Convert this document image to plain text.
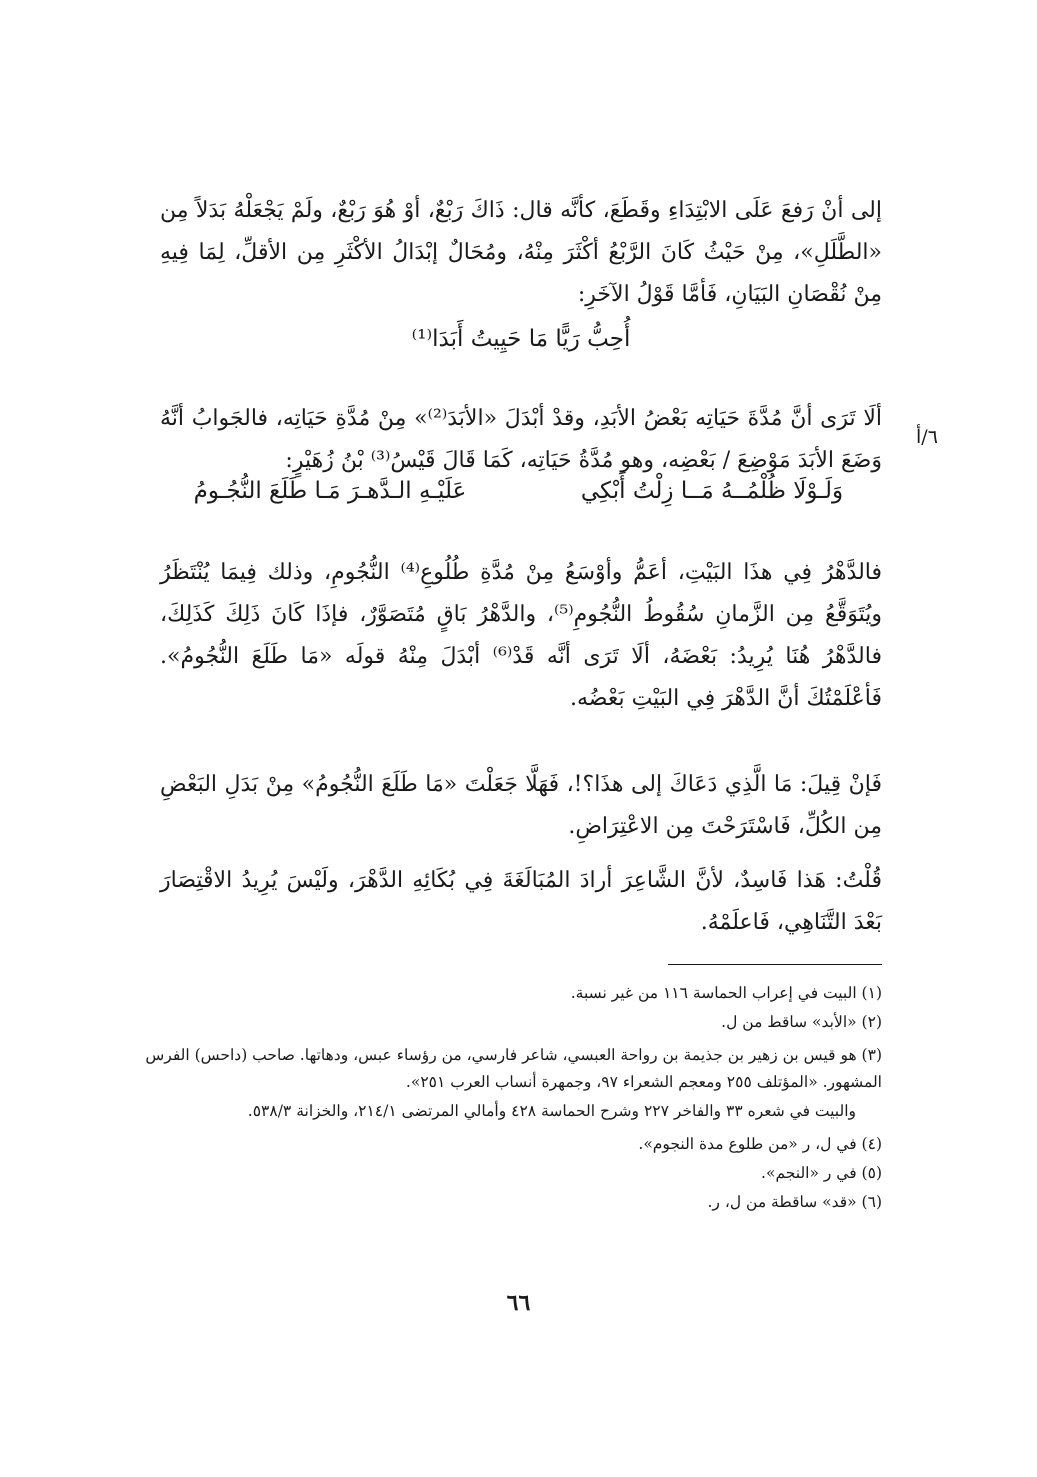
إلى أنْ رَفعَ عَلَى الابْتِدَاءِ وقَطَعَ، كأنَّه قال: ذَاكَ رَبْعٌ، أوْ هُوَ رَبْعٌ، ولَمْ يَجْعَلْهُ بَدَلاً مِن «الطَّلَلِ»، مِنْ حَيْثُ كَانَ الرَّبْعُ أكْثَرَ مِنْهُ، ومُحَالٌ إبْدَالُ الأكْثَرِ مِن الأقلِّ، لِمَا فِيهِ مِنْ نُقْصَانِ البَيَانِ، فَأمَّا قَوْلُ الآخَرِ:

أُحِبُّ رَيًّا مَا حَيِيتُ أَبَدَا⁽¹⁾

ألَا تَرَى أنَّ مُدَّةَ حَيَاتِه بَعْضُ الأبَدِ، وقدْ أبْدَلَ «الأبَدَ⁽²⁾» مِنْ مُدَّةِ حَيَاتِه، فالجَوابُ أنَّهُ وَضَعَ الأبَدَ مَوْضِعَ / بَعْضِه، وهو مُدَّةُ حَيَاتِه، كَمَا قَالَ قَيْسُ⁽³⁾ بْنُ زُهَيْرٍ:

٦/أ
وَلَـوْلَا ظُلْمُــهُ مَــا زِلْتُ أَبْكِي
عَلَيْـهِ الـدَّهـرَ مَـا طَلَعَ النُّجُـومُ

فالدَّهْرُ فِي هذَا البَيْتِ، أعَمُّ وأوْسَعُ مِنْ مُدَّةِ طُلُوعِ⁽⁴⁾ النُّجُومِ، وذلك فِيمَا يُنْتَظَرُ ويُتَوَقَّعُ مِن الزَّمانِ سُقُوطُ النُّجُومِ⁽⁵⁾، والدَّهْرُ بَاقٍ مُتَصَوَّرٌ، فإذَا كَانَ ذَلِكَ كَذَلِكَ، فالدَّهْرُ هُنَا يُرِيدُ: بَعْضَهُ، ألَا تَرَى أنَّه قَدْ⁽⁶⁾ أبْدَلَ مِنْهُ قولَه «مَا طَلَعَ النُّجُومُ». فَأعْلَمْتُكَ أنَّ الدَّهْرَ فِي البَيْتِ بَعْضُه.

فَإنْ قِيلَ: مَا الَّذِي دَعَاكَ إلى هذَا؟!، فَهَلَّا جَعَلْتَ «مَا طَلَعَ النُّجُومُ» مِنْ بَدَلِ البَعْضِ مِن الكُلِّ، فَاسْتَرَحْتَ مِن الاعْتِرَاضِ.

قُلْتُ: هَذا فَاسِدٌ، لأنَّ الشَّاعِرَ أرادَ المُبَالَغَةَ فِي بُكَائِهِ الدَّهْرَ، ولَيْسَ يُرِيدُ الاقْتِصَارَ بَعْدَ التَّنَاهِي، فَاعلَمْهُ.

(١) البيت في إعراب الحماسة ١١٦ من غير نسبة.
(٢) «الأبد» ساقط من ل.
(٣) هو قيس بن زهير بن جذيمة بن رواحة العبسي، شاعر فارسي، من رؤساء عبس، ودهاتها. صاحب (داحس) الفرس المشهور. «المؤتلف ٢٥٥ ومعجم الشعراء ٩٧، وجمهرة أنساب العرب ٢٥١».
والبيت في شعره ٣٣ والفاخر ٢٢٧ وشرح الحماسة ٤٢٨ وأمالي المرتضى ٢١٤/١، والخزانة ٥٣٨/٣.
(٤) في ل، ر «من طلوع مدة النجوم».
(٥) في ر «النجم».
(٦) «قد» ساقطة من ل، ر.
٦٦
